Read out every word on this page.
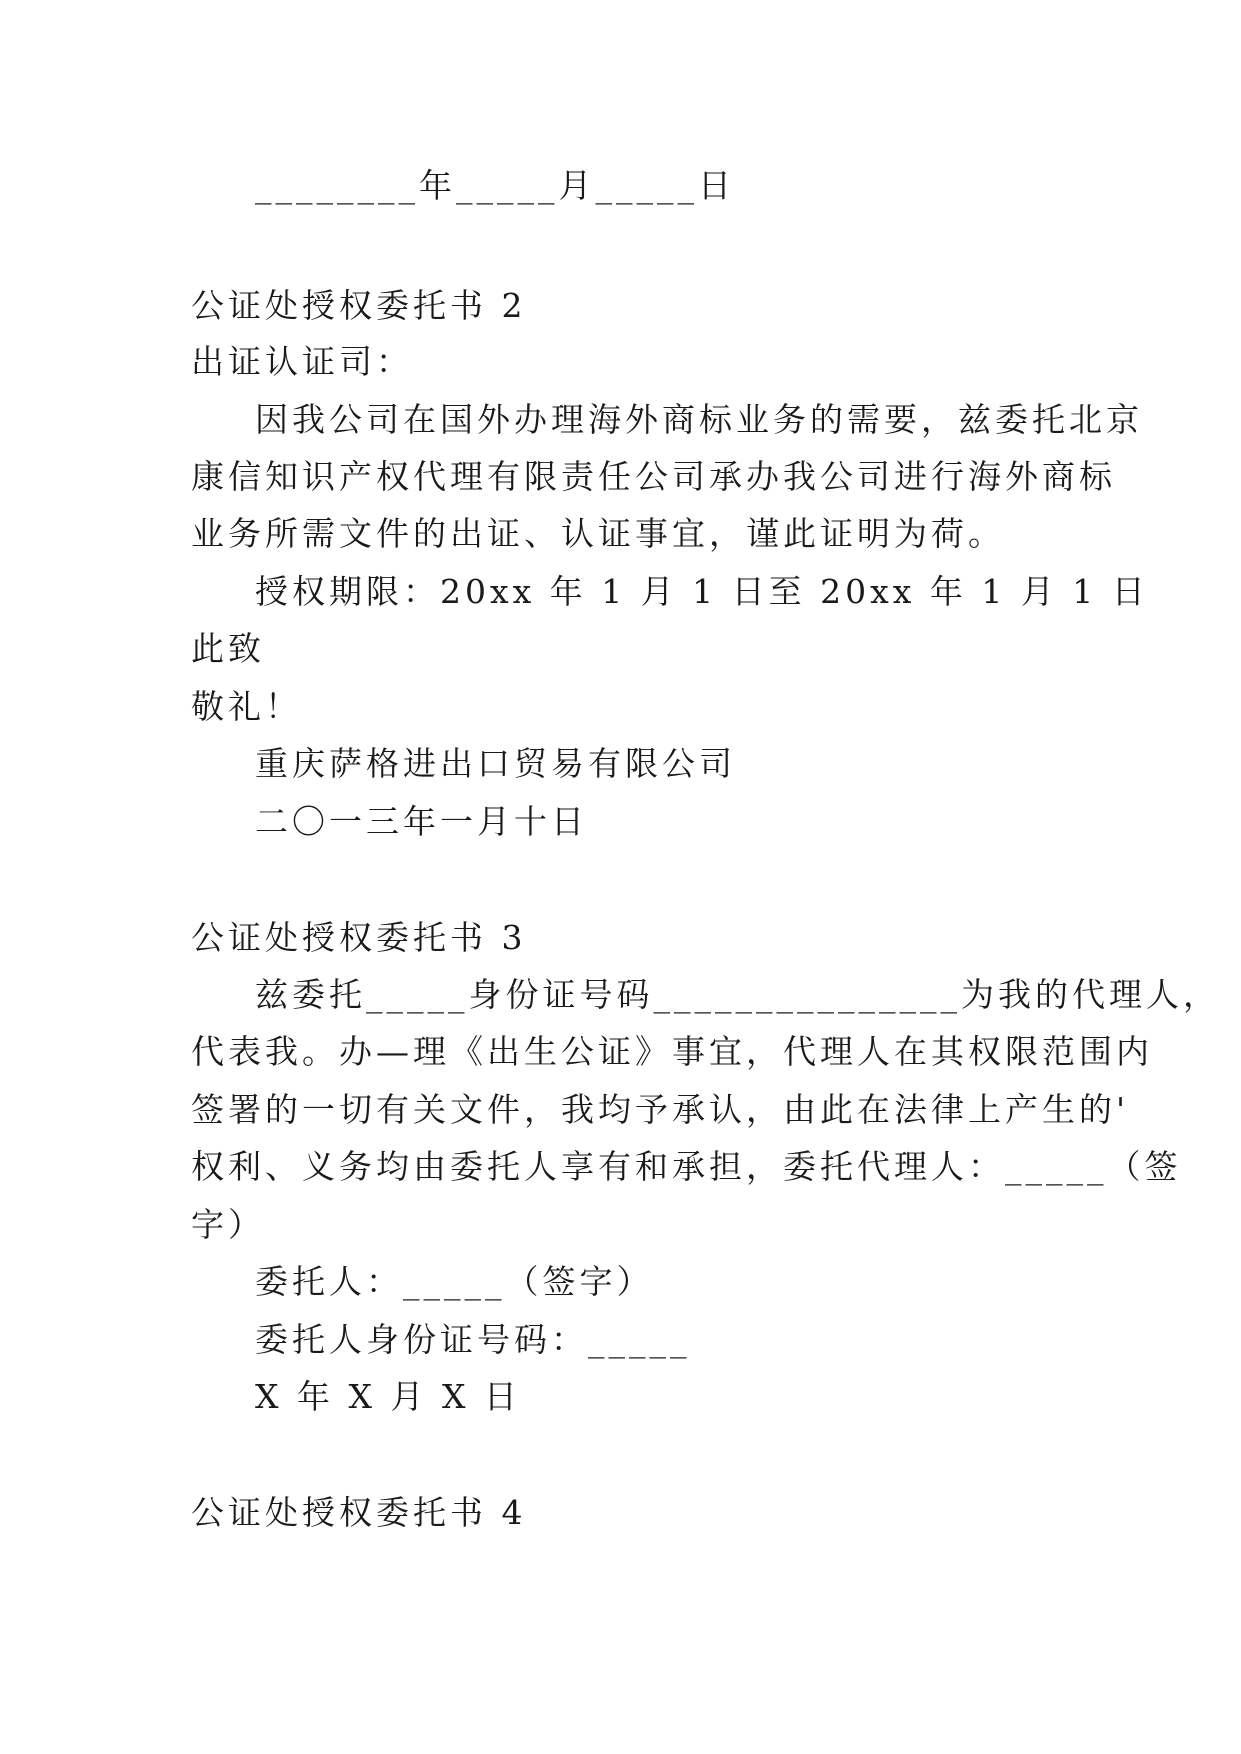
________年_____月_____日
公证处授权委托书 2
出证认证司：
因我公司在国外办理海外商标业务的需要，兹委托北京
康信知识产权代理有限责任公司承办我公司进行海外商标
业务所需文件的出证、认证事宜，谨此证明为荷。
授权期限：20xx 年 1 月 1 日至 20xx 年 1 月 1 日
此致
敬礼！
重庆萨格进出口贸易有限公司
二〇一三年一月十日
公证处授权委托书 3
兹委托_____身份证号码_______________为我的代理人，
代表我。办—理《出生公证》事宜，代理人在其权限范围内
签署的一切有关文件，我均予承认，由此在法律上产生的'
权利、义务均由委托人享有和承担，委托代理人：_____（签
字）
委托人：_____（签字）
委托人身份证号码：_____
X 年 X 月 X 日
公证处授权委托书 4
